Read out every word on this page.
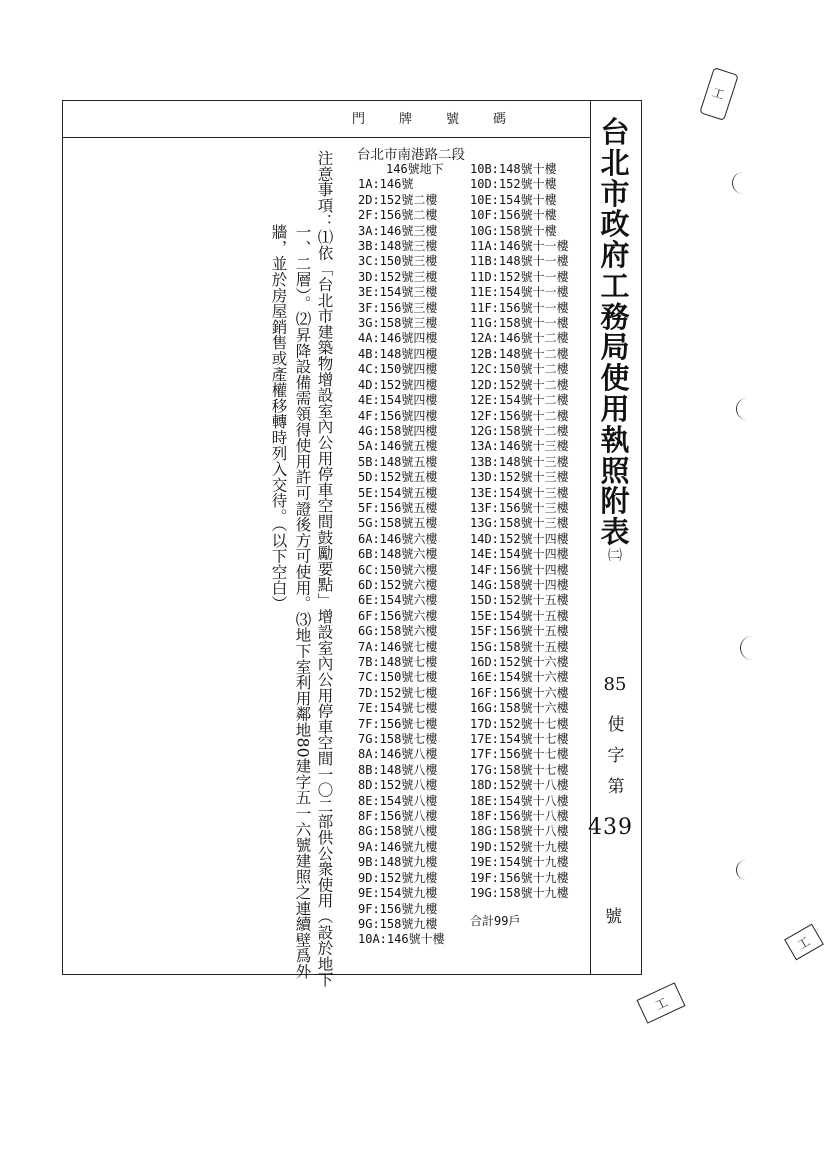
門牌號碼	台
北
市
政
府
工
務
局
使
用
執
照
附
表
㈡
85
使
字
第
439
號
台北市南港路二段
146號地下
1A:146號
2D:152號二樓
2F:156號二樓
3A:146號三樓
3B:148號三樓
3C:150號三樓
3D:152號三樓
3E:154號三樓
3F:156號三樓
3G:158號三樓
4A:146號四樓
4B:148號四樓
4C:150號四樓
4D:152號四樓
4E:154號四樓
4F:156號四樓
4G:158號四樓
5A:146號五樓
5B:148號五樓
5D:152號五樓
5E:154號五樓
5F:156號五樓
5G:158號五樓
6A:146號六樓
6B:148號六樓
6C:150號六樓
6D:152號六樓
6E:154號六樓
6F:156號六樓
6G:158號六樓
7A:146號七樓
7B:148號七樓
7C:150號七樓
7D:152號七樓
7E:154號七樓
7F:156號七樓
7G:158號七樓
8A:146號八樓
8B:148號八樓
8D:152號八樓
8E:154號八樓
8F:156號八樓
8G:158號八樓
9A:146號九樓
9B:148號九樓
9D:152號九樓
9E:154號九樓
9F:156號九樓
9G:158號九樓
10A:146號十樓
10B:148號十樓
10D:152號十樓
10E:154號十樓
10F:156號十樓
10G:158號十樓
11A:146號十一樓
11B:148號十一樓
11D:152號十一樓
11E:154號十一樓
11F:156號十一樓
11G:158號十一樓
12A:146號十二樓
12B:148號十二樓
12C:150號十二樓
12D:152號十二樓
12E:154號十二樓
12F:156號十二樓
12G:158號十二樓
13A:146號十三樓
13B:148號十三樓
13D:152號十三樓
13E:154號十三樓
13F:156號十三樓
13G:158號十三樓
14D:152號十四樓
14E:154號十四樓
14F:156號十四樓
14G:158號十四樓
15D:152號十五樓
15E:154號十五樓
15F:156號十五樓
15G:158號十五樓
16D:152號十六樓
16E:154號十六樓
16F:156號十六樓
16G:158號十六樓
17D:152號十七樓
17E:154號十七樓
17F:156號十七樓
17G:158號十七樓
18D:152號十八樓
18E:154號十八樓
18F:156號十八樓
18G:158號十八樓
19D:152號十九樓
19E:154號十九樓
19F:156號十九樓
19G:158號十九樓
合計99戶
注意事項：⑴依「台北市建築物增設室內公用停車空間鼓勵要點」增設室內公用停車空間一〇二部供公衆使用（設於地下
一、二層）。⑵昇降設備需領得使用許可證後方可使用。⑶地下室利用鄰地80建字五一六號建照之連續壁爲外
牆，並於房屋銷售或產權移轉時列入交待。（以下空白）
工
工
工
